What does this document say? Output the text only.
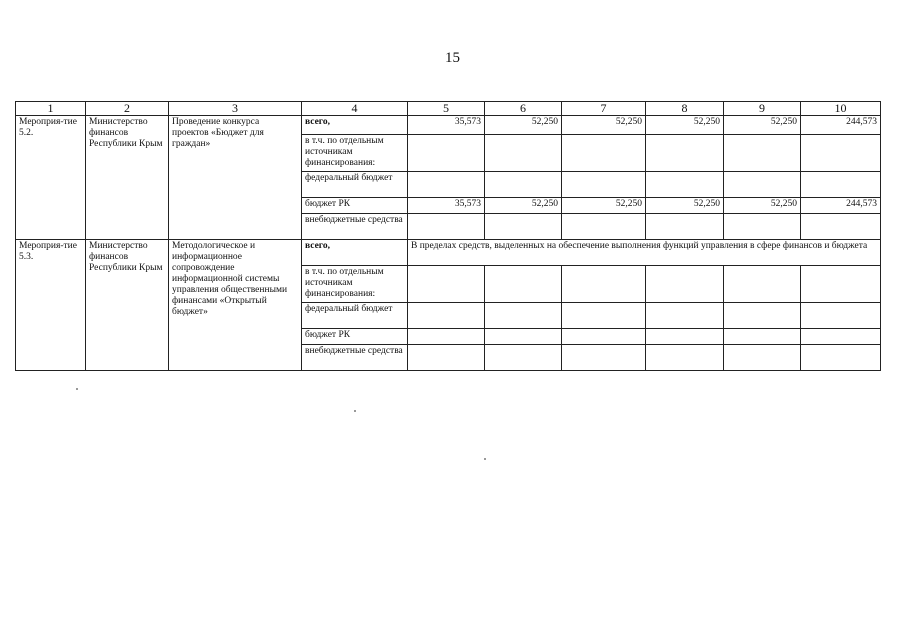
15
1	2	3	4	5	6	7	8	9	10
Мероприя-тие 5.2.	Министерство финансов Республики Крым	Проведение конкурса проектов «Бюджет для граждан»	всего,	35,573	52,250	52,250	52,250	52,250	244,573
			в т.ч. по отдельным источникам финансирования:						
			федеральный бюджет						
			бюджет РК	35,573	52,250	52,250	52,250	52,250	244,573
			внебюджетные средства						
Мероприя-тие 5.3.	Министерство финансов Республики Крым	Методологическое и информационное сопровождение информационной системы управления общественными финансами «Открытый бюджет»	всего,	В пределах средств, выделенных на обеспечение выполнения функций управления в сфере финансов и бюджета					
			в т.ч. по отдельным источникам финансирования:						
			федеральный бюджет						
			бюджет РК						
			внебюджетные средства						
